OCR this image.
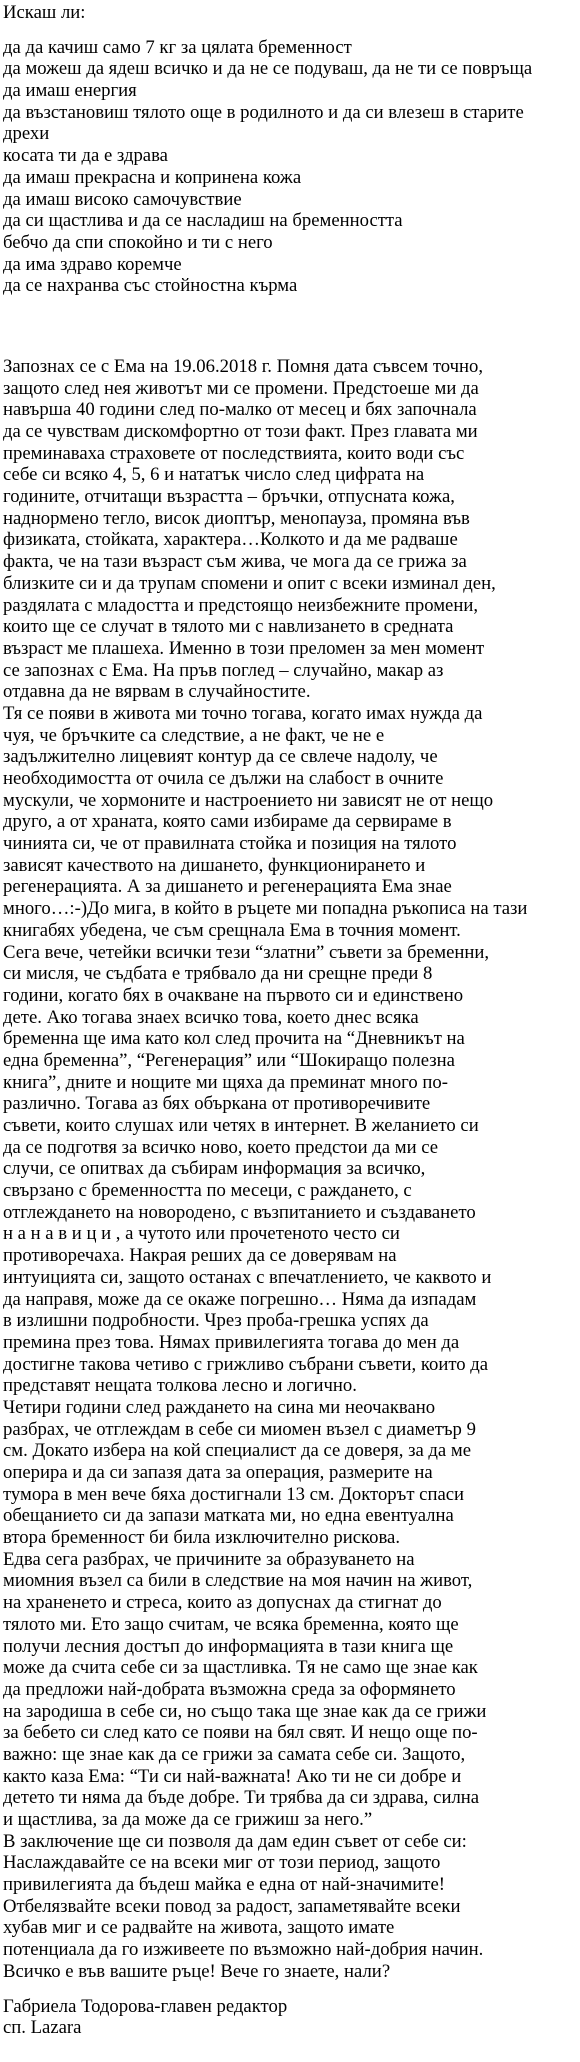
Искаш ли:
да да качиш само 7 кг за цялата бременност
да можеш да ядеш всичко и да не се подуваш, да не ти се повръща
да имаш енергия
да възстановиш тялото още в родилното и да си влезеш в старите
дрехи
косата ти да е здрава
да имаш прекрасна и копринена кожа
да имаш високо самочувствие
да си щастлива и да се насладиш на бременността
бебчо да спи спокойно и ти с него
да има здраво коремче
да се нахранва със стойностна кърма
Запознах се с Ема на 19.06.2018 г. Помня дата съвсем точно,
защото след нея животът ми се промени. Предстоеше ми да
навърша 40 години след по-малко от месец и бях започнала
да се чувствам дискомфортно от този факт. През главата ми
преминаваха страховете от последствията, които води със
себе си всяко 4, 5, 6 и нататък число след цифрата на
годините, отчитащи възрастта – бръчки, отпусната кожа,
наднормено тегло, висок диоптър, менопауза, промяна във
физиката, стойката, характера…Колкото и да ме радваше
факта, че на тази възраст съм жива, че мога да се грижа за
близките си и да трупам спомени и опит с всеки изминал ден,
раздялата с младостта и предстоящо неизбежните промени,
които ще се случат в тялото ми с навлизането в средната
възраст ме плашеха. Именно в този преломен за мен момент
се запознах с Ема. На пръв поглед – случайно, макар аз
отдавна да не вярвам в случайностите.
Тя се появи в живота ми точно тогава, когато имах нужда да
чуя, че бръчките са следствие, а не факт, че не е
задължително лицевият контур да се свлече надолу, че
необходимостта от очила се дължи на слабост в очните
мускули, че хормоните и настроението ни зависят не от нещо
друго, а от храната, която сами избираме да сервираме в
чинията си, че от правилната стойка и позиция на тялото
зависят качеството на дишането, функционирането и
регенерацията. А за дишането и регенерацията Ема знае
много…:-)До мига, в който в ръцете ми попадна ръкописа на тази
книгабях убедена, че съм срещнала Ема в точния момент.
Сега вече, четейки всички тези “златни” съвети за бременни,
си мисля, че съдбата е трябвало да ни срещне преди 8
години, когато бях в очакване на първото си и единствено
дете. Ако тогава знаех всичко това, което днес всяка
бременна ще има като кол след прочита на “Дневникът на
една бременна”, “Регенерация” или “Шокиращо полезна
книга”, дните и нощите ми щяха да преминат много по-
различно. Тогава аз бях объркана от противоречивите
съвети, които слушах или четях в интернет. В желанието си
да се подготвя за всичко ново, което предстои да ми се
случи, се опитвах да събирам информация за всичко,
свързано с бременността по месеци, с раждането, с
отглеждането на новороденo, с възпитанието и създаването
н а н а в и ц и , а чутото или прочетеното често си
противоречаха. Накрая реших да се доверявам на
интуицията си, защото останах с впечатлението, че каквото и
да направя, може да се окаже погрешно… Няма да изпадам
в излишни подробности. Чрез проба-грешка успях да
премина през това. Нямах привилегията тогава до мен да
достигне такова четиво с грижливо събрани съвети, които да
представят нещата толкова лесно и логично.
Четири години след раждането на сина ми неочаквано
разбрах, че отглеждам в себе си миомен възел с диаметър 9
см. Докато избера на кой специалист да се доверя, за да ме
оперира и да си запазя дата за операция, размерите на
тумора в мен вече бяха достигнали 13 см. Докторът спаси
обещанието си да запази матката ми, но една евентуална
втора бременност би била изключително рискова.
Едва сега разбрах, че причините за образуването на
миомния възел са били в следствие на моя начин на живот,
на храненето и стреса, които аз допуснах да стигнат до
тялото ми. Ето защо считам, че всяка бременна, която ще
получи лесния достъп до информацията в тази книга ще
може да счита себе си за щастливка. Тя не само ще знае как
да предложи най-добрата възможна среда за оформянето
на зародиша в себе си, но също така ще знае как да се грижи
за бебето си след като се появи на бял свят. И нещо още по-
важно: ще знае как да се грижи за самата себе си. Защото,
както каза Ема: “Ти си най-важната! Ако ти не си добре и
детето ти няма да бъде добре. Ти трябва да си здрава, силна
и щастлива, за да може да се грижиш за него.”
В заключение ще си позволя да дам един съвет от себе си:
Наслаждавайте се на всеки миг от този период, защото
привилегията да бъдеш майка е една от най-значимите!
Отбелязвайте всеки повод за радост, запаметявайте всеки
хубав миг и се радвайте на живота, защото имате
потенциала да го изживеете по възможно най-добрия начин.
Всичко е във вашите ръце! Вече го знаете, нали?
Габриела Тодорова-главен редактор
сп. Lazara
